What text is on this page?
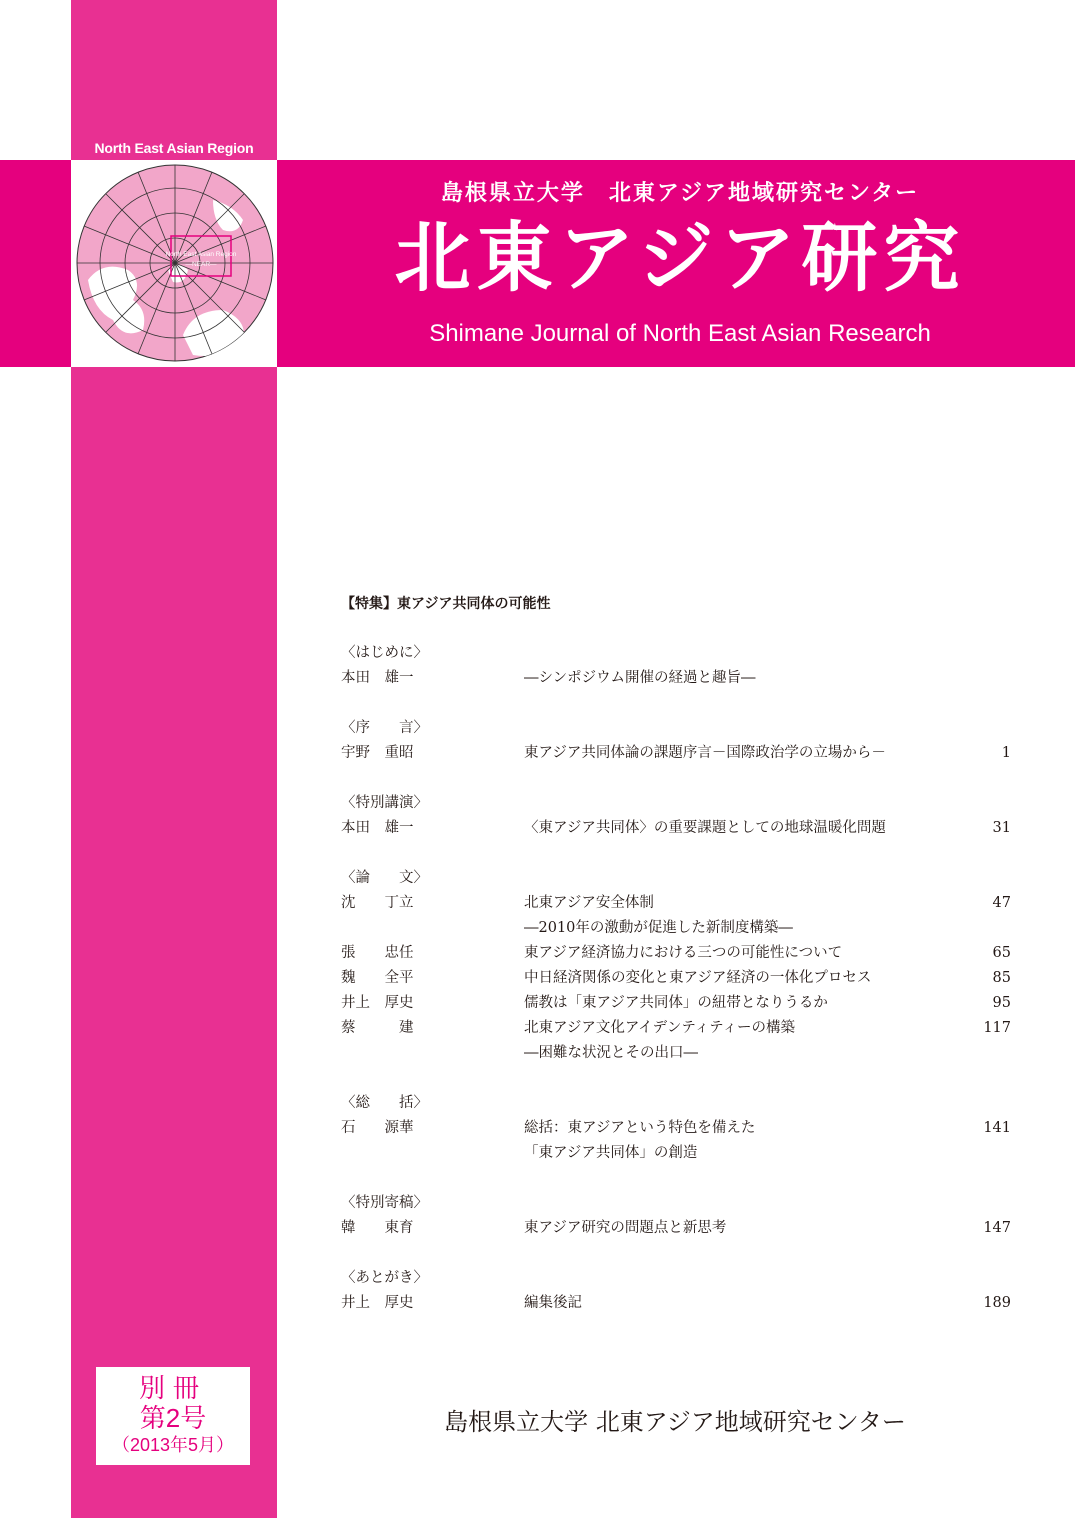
North East Asian Region
North East Asian Region
—NEAR—
島根県立大学　北東アジア地域研究センター
北東アジア研究
Shimane Journal of North East Asian Research
【特集】東アジア共同体の可能性
〈はじめに〉
本田　雄一	―シンポジウム開催の経過と趣旨―
〈序　　言〉
宇野　重昭	東アジア共同体論の課題序言－国際政治学の立場から－	1
〈特別講演〉
本田　雄一	〈東アジア共同体〉の重要課題としての地球温暖化問題	31
〈論　　文〉
沈　　丁立	北東アジア安全体制	47
―2010年の激動が促進した新制度構築―
張　　忠任	東アジア経済協力における三つの可能性について	65
魏　　全平	中日経済関係の変化と東アジア経済の一体化プロセス	85
井上　厚史	儒教は「東アジア共同体」の紐帯となりうるか	95
蔡　　　建	北東アジア文化アイデンティティーの構築	117
―困難な状況とその出口―
〈総　　括〉
石　　源華	総括：東アジアという特色を備えた	141
「東アジア共同体」の創造
〈特別寄稿〉
韓　　東育	東アジア研究の問題点と新思考	147
〈あとがき〉
井上　厚史	編集後記	189
別冊
第2号
（2013年5月）
島根県立大学 北東アジア地域研究センター
